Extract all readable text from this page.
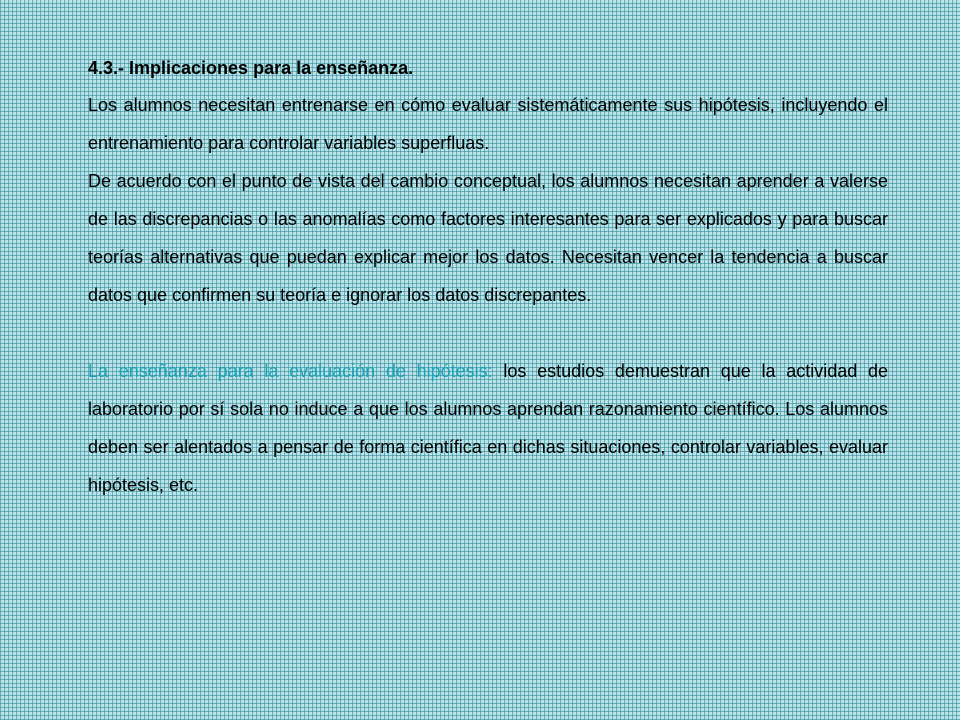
4.3.- Implicaciones para la enseñanza.

Los alumnos necesitan entrenarse en cómo evaluar sistemáticamente sus hipótesis, incluyendo el entrenamiento para controlar variables superfluas.

De acuerdo con el punto de vista del cambio conceptual, los alumnos necesitan aprender a valerse de las discrepancias o las anomalías como factores interesantes para ser explicados y para buscar teorías alternativas que puedan explicar mejor los datos. Necesitan vencer la tendencia a buscar datos que confirmen su teoría e ignorar los datos discrepantes.

La enseñanza para la evaluación de hipótesis: los estudios demuestran que la actividad de laboratorio por sí sola no induce a que los alumnos aprendan razonamiento científico. Los alumnos deben ser alentados a pensar de forma científica en dichas situaciones, controlar variables, evaluar hipótesis, etc.
